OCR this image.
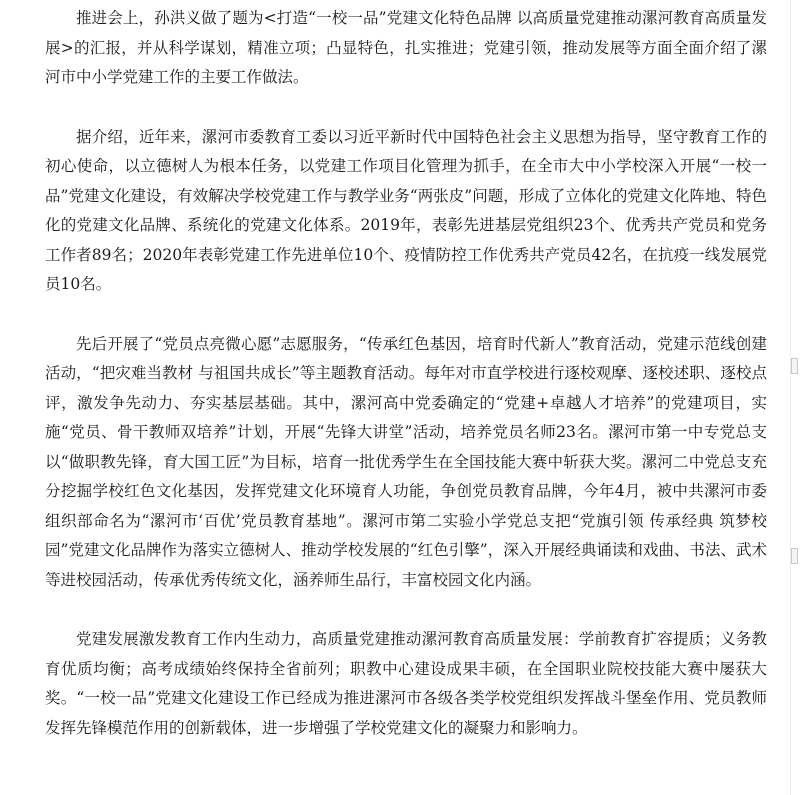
推进会上，孙洪义做了题为<打造“一校一品”党建文化特色品牌 以高质量党建推动漯河教育高质量发展>的汇报，并从科学谋划，精准立项；凸显特色，扎实推进；党建引领，推动发展等方面全面介绍了漯河市中小学党建工作的主要工作做法。

据介绍，近年来，漯河市委教育工委以习近平新时代中国特色社会主义思想为指导，坚守教育工作的初心使命，以立德树人为根本任务，以党建工作项目化管理为抓手，在全市大中小学校深入开展“一校一品”党建文化建设，有效解决学校党建工作与教学业务“两张皮”问题，形成了立体化的党建文化阵地、特色化的党建文化品牌、系统化的党建文化体系。2019年，表彰先进基层党组织23个、优秀共产党员和党务工作者89名；2020年表彰党建工作先进单位10个、疫情防控工作优秀共产党员42名，在抗疫一线发展党员10名。

先后开展了“党员点亮微心愿”志愿服务，“传承红色基因，培育时代新人”教育活动，党建示范线创建活动，“把灾难当教材 与祖国共成长”等主题教育活动。每年对市直学校进行逐校观摩、逐校述职、逐校点评，激发争先动力、夯实基层基础。其中，漯河高中党委确定的“党建+卓越人才培养”的党建项目，实施“党员、骨干教师双培养”计划，开展“先锋大讲堂”活动，培养党员名师23名。漯河市第一中专党总支以“做职教先锋，育大国工匠”为目标，培育一批优秀学生在全国技能大赛中斩获大奖。漯河二中党总支充分挖掘学校红色文化基因，发挥党建文化环境育人功能，争创党员教育品牌，今年4月，被中共漯河市委组织部命名为“漯河市‘百优’党员教育基地”。漯河市第二实验小学党总支把“党旗引领 传承经典 筑梦校园”党建文化品牌作为落实立德树人、推动学校发展的“红色引擎”，深入开展经典诵读和戏曲、书法、武术等进校园活动，传承优秀传统文化，涵养师生品行，丰富校园文化内涵。

党建发展激发教育工作内生动力，高质量党建推动漯河教育高质量发展：学前教育扩容提质；义务教育优质均衡；高考成绩始终保持全省前列；职教中心建设成果丰硕，在全国职业院校技能大赛中屡获大奖。“一校一品”党建文化建设工作已经成为推进漯河市各级各类学校党组织发挥战斗堡垒作用、党员教师发挥先锋模范作用的创新载体，进一步增强了学校党建文化的凝聚力和影响力。
